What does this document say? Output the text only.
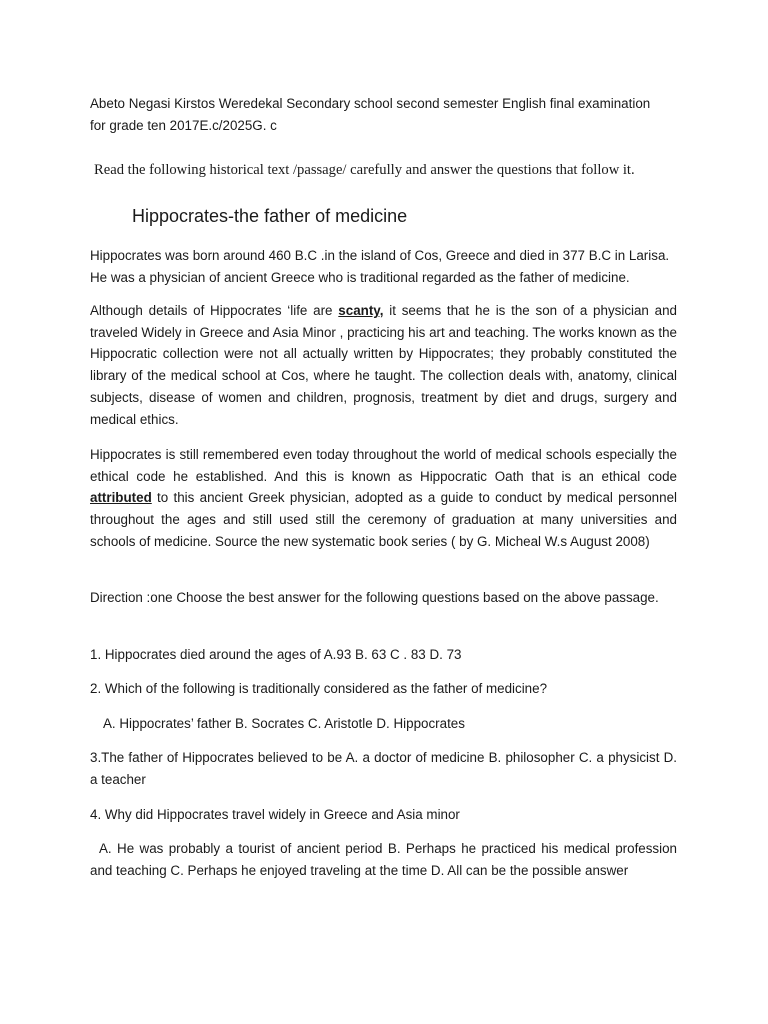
Abeto Negasi Kirstos Weredekal Secondary school second semester English final examination
for grade ten 2017E.c/2025G. c

Read the following historical text /passage/ carefully and answer the questions that follow it.

Hippocrates-the father of medicine

Hippocrates was born around 460 B.C .in the island of Cos, Greece and died in 377 B.C in Larisa. He was a physician of ancient Greece who is traditional regarded as the father of medicine.

Although details of Hippocrates ‘life are scanty, it seems that he is the son of a physician and traveled Widely in Greece and Asia Minor , practicing his art and teaching. The works known as the Hippocratic collection were not all actually written by Hippocrates; they probably constituted the library of the medical school at Cos, where he taught. The collection deals with, anatomy, clinical subjects, disease of women and children, prognosis, treatment by diet and drugs, surgery and medical ethics.

Hippocrates is still remembered even today throughout the world of medical schools especially the ethical code he established. And this is known as Hippocratic Oath that is an ethical code attributed to this ancient Greek physician, adopted as a guide to conduct by medical personnel throughout the ages and still used still the ceremony of graduation at many universities and schools of medicine. Source the new systematic book series ( by G. Micheal W.s August 2008)

Direction :one Choose the best answer for the following questions based on the above passage.

1. Hippocrates died around the ages of A.93 B. 63 C . 83 D. 73

2. Which of the following is traditionally considered as the father of medicine?

A. Hippocrates’ father B. Socrates C. Aristotle D. Hippocrates

3.The father of Hippocrates believed to be A. a doctor of medicine B. philosopher C. a physicist D. a teacher

4. Why did Hippocrates travel widely in Greece and Asia minor

A. He was probably a tourist of ancient period B. Perhaps he practiced his medical profession and teaching C. Perhaps he enjoyed traveling at the time D. All can be the possible answer
